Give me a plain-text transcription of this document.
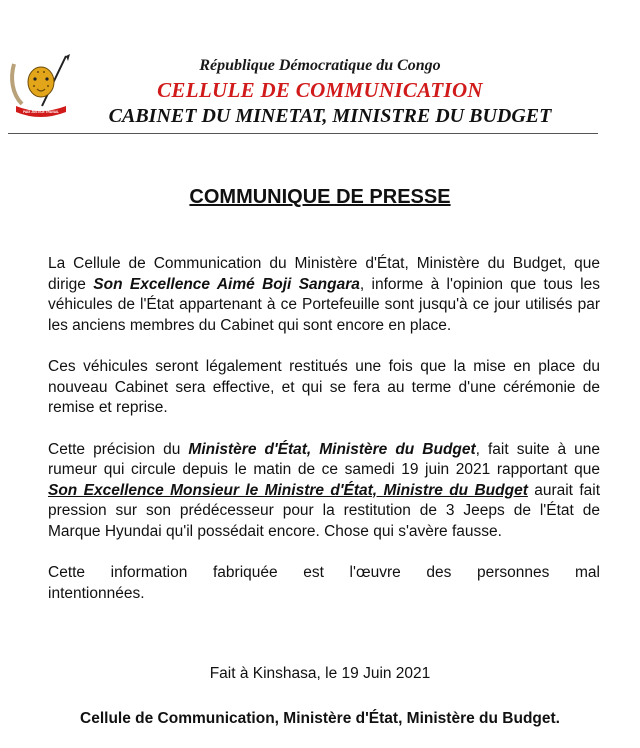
PAIX JUSTICE TRAVAIL
République Démocratique du Congo
CELLULE DE COMMUNICATION
CABINET DU MINETAT, MINISTRE DU BUDGET
COMMUNIQUE DE PRESSE

La Cellule de Communication du Ministère d'État, Ministère du Budget, que dirige Son Excellence Aimé Boji Sangara, informe à l'opinion que tous les véhicules de l'État appartenant à ce Portefeuille sont jusqu'à ce jour utilisés par les anciens membres du Cabinet qui sont encore en place.

Ces véhicules seront légalement restitués une fois que la mise en place du nouveau Cabinet sera effective, et qui se fera au terme d'une cérémonie de remise et reprise.

Cette précision du Ministère d'État, Ministère du Budget, fait suite à une rumeur qui circule depuis le matin de ce samedi 19 juin 2021 rapportant que Son Excellence Monsieur le Ministre d'État, Ministre du Budget aurait fait pression sur son prédécesseur pour la restitution de 3 Jeeps de l'État de Marque Hyundai qu'il possédait encore. Chose qui s'avère fausse.

Cette information fabriquée est l'œuvre des personnes mal

intentionnées.

Fait à Kinshasa, le 19 Juin 2021
Cellule de Communication, Ministère d'État, Ministère du Budget.
